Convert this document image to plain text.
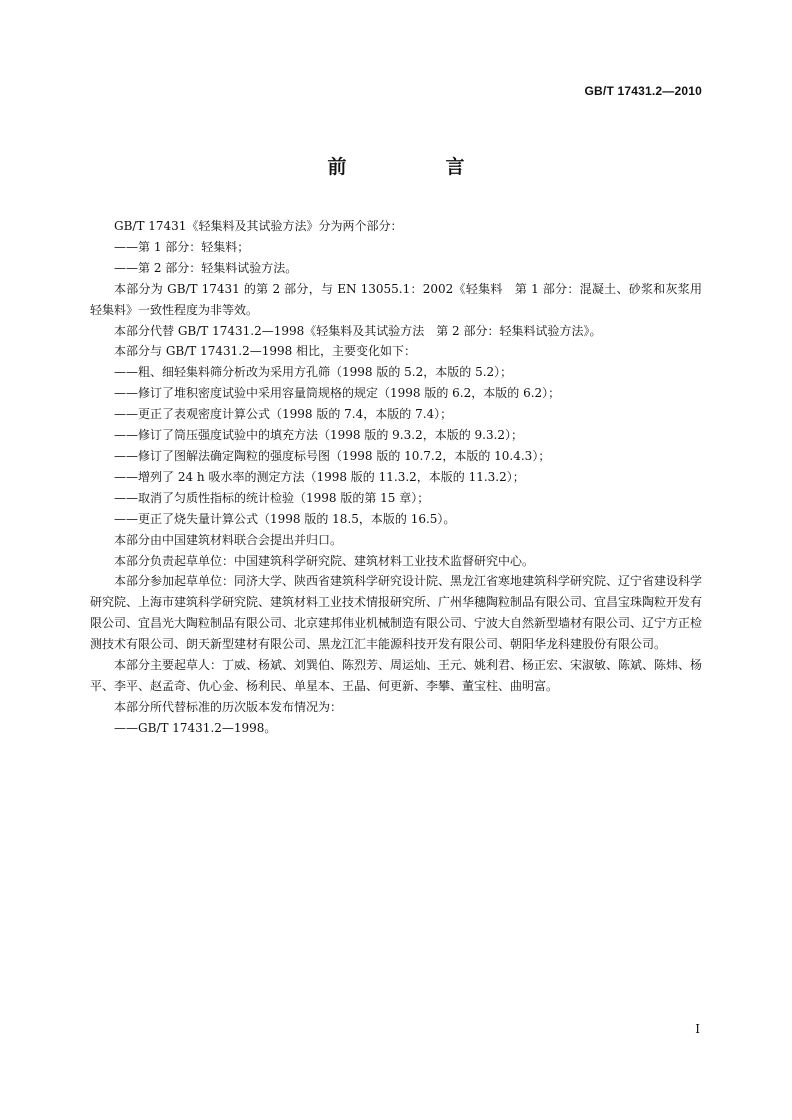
GB/T 17431.2—2010
前　言

GB/T 17431《轻集料及其试验方法》分为两个部分：

——第 1 部分：轻集料；

——第 2 部分：轻集料试验方法。

本部分为 GB/T 17431 的第 2 部分，与 EN 13055.1：2002《轻集料　第 1 部分：混凝土、砂浆和灰浆用轻集料》一致性程度为非等效。

本部分代替 GB/T 17431.2—1998《轻集料及其试验方法　第 2 部分：轻集料试验方法》。

本部分与 GB/T 17431.2—1998 相比，主要变化如下：

——粗、细轻集料筛分析改为采用方孔筛（1998 版的 5.2，本版的 5.2）；

——修订了堆积密度试验中采用容量筒规格的规定（1998 版的 6.2，本版的 6.2）；

——更正了表观密度计算公式（1998 版的 7.4，本版的 7.4）；

——修订了筒压强度试验中的填充方法（1998 版的 9.3.2，本版的 9.3.2）；

——修订了图解法确定陶粒的强度标号图（1998 版的 10.7.2，本版的 10.4.3）；

——增列了 24 h 吸水率的测定方法（1998 版的 11.3.2，本版的 11.3.2）；

——取消了匀质性指标的统计检验（1998 版的第 15 章）；

——更正了烧失量计算公式（1998 版的 18.5，本版的 16.5）。

本部分由中国建筑材料联合会提出并归口。

本部分负责起草单位：中国建筑科学研究院、建筑材料工业技术监督研究中心。

本部分参加起草单位：同济大学、陕西省建筑科学研究设计院、黑龙江省寒地建筑科学研究院、辽宁省建设科学研究院、上海市建筑科学研究院、建筑材料工业技术情报研究所、广州华穗陶粒制品有限公司、宜昌宝珠陶粒开发有限公司、宜昌光大陶粒制品有限公司、北京建邦伟业机械制造有限公司、宁波大自然新型墙材有限公司、辽宁方正检测技术有限公司、朗天新型建材有限公司、黑龙江汇丰能源科技开发有限公司、朝阳华龙科建股份有限公司。

本部分主要起草人：丁威、杨斌、刘巽伯、陈烈芳、周运灿、王元、姚利君、杨正宏、宋淑敏、陈斌、陈炜、杨平、李平、赵孟奇、仇心金、杨利民、单星本、王晶、何更新、李攀、董宝柱、曲明富。

本部分所代替标准的历次版本发布情况为：

——GB/T 17431.2—1998。

I
